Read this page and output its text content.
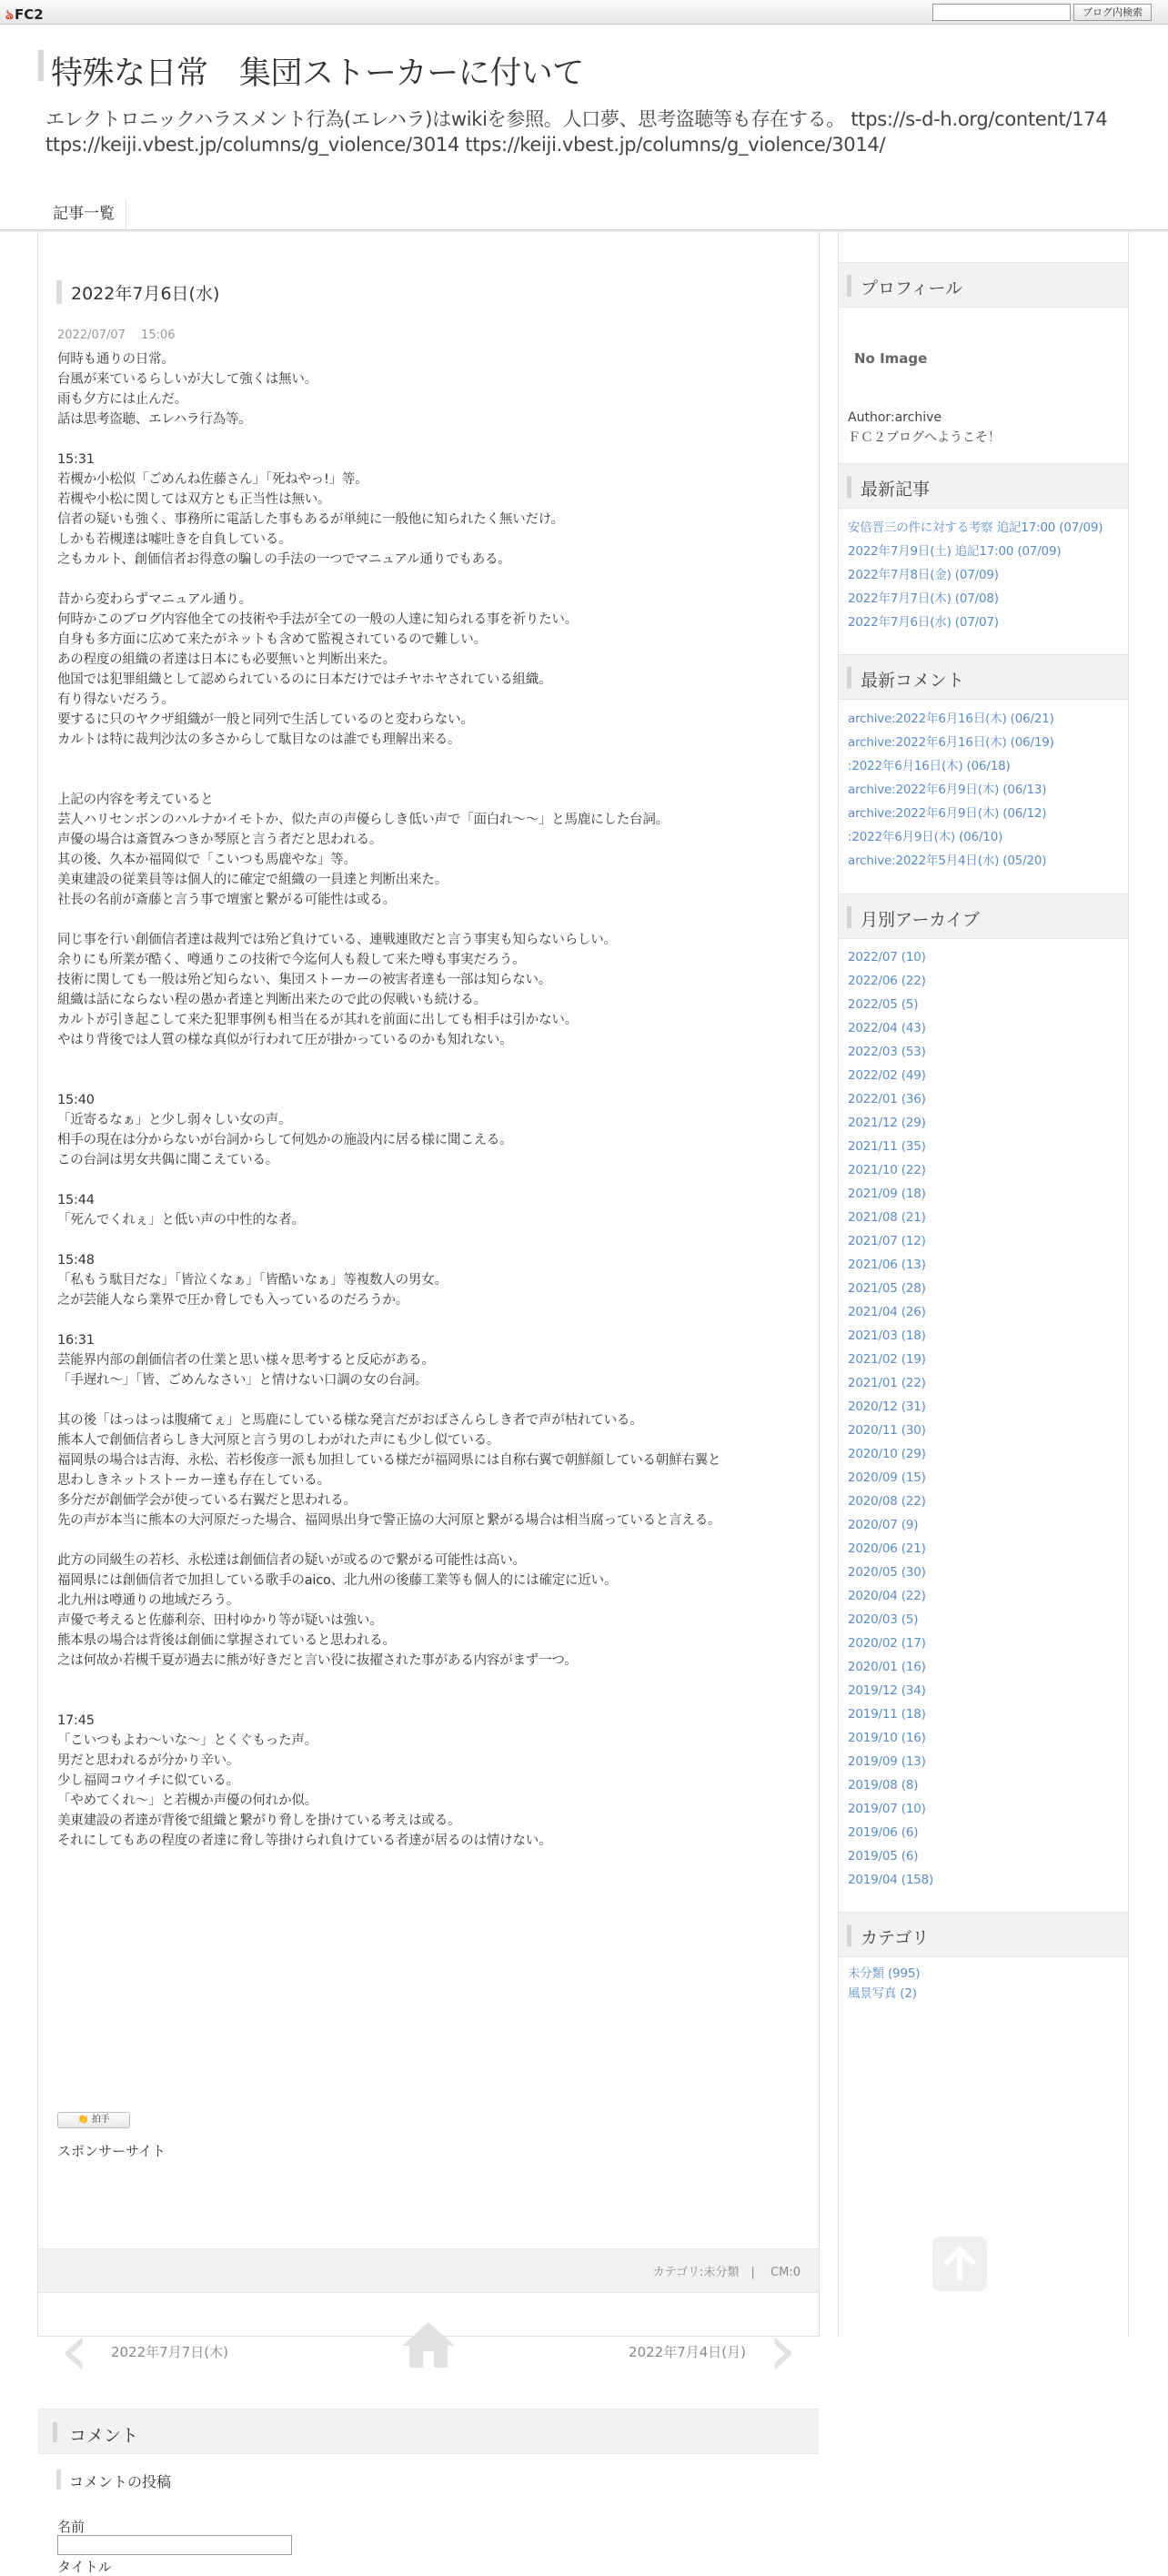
ঌFC2	ブログ内検索
特殊な日常　集団ストーカーに付いて
エレクトロニックハラスメント行為(エレハラ)はwikiを参照。人口夢、思考盗聴等も存在する。 ttps://s-d-h.org/content/174
ttps://keiji.vbest.jp/columns/g_violence/3014 ttps://keiji.vbest.jp/columns/g_violence/3014/
記事一覧
2022年7月6日(水)
2022/07/07　 15:06
何時も通りの日常。
台風が来ているらしいが大して強くは無い。
雨も夕方には止んだ。
話は思考盗聴、エレハラ行為等。
15:31
若槻か小松似「ごめんね佐藤さん」「死ねやっ!」等。
若槻や小松に関しては双方とも正当性は無い。
信者の疑いも強く、事務所に電話した事もあるが単純に一般他に知られたく無いだけ。
しかも若槻達は嘘吐きを自負している。
之もカルト、創価信者お得意の騙しの手法の一つでマニュアル通りでもある。
昔から変わらずマニュアル通り。
何時かこのブログ内容他全ての技術や手法が全ての一般の人達に知られる事を祈りたい。
自身も多方面に広めて来たがネットも含めて監視されているので難しい。
あの程度の組織の者達は日本にも必要無いと判断出来た。
他国では犯罪組織として認められているのに日本だけではチヤホヤされている組織。
有り得ないだろう。
要するに只のヤクザ組織が一般と同列で生活しているのと変わらない。
カルトは特に裁判沙汰の多さからして駄目なのは誰でも理解出来る。
上記の内容を考えていると
芸人ハリセンボンのハルナかイモトか、似た声の声優らしき低い声で「面白れ～～」と馬鹿にした台詞。
声優の場合は斎賀みつきか琴原と言う者だと思われる。
其の後、久本か福岡似で「こいつも馬鹿やな」等。
美東建設の従業員等は個人的に確定で組織の一員達と判断出来た。
社長の名前が斎藤と言う事で壇蜜と繋がる可能性は或る。
同じ事を行い創価信者達は裁判では殆ど負けている、連戦連敗だと言う事実も知らないらしい。
余りにも所業が酷く、噂通りこの技術で今迄何人も殺して来た噂も事実だろう。
技術に関しても一般は殆ど知らない、集団ストーカーの被害者達も一部は知らない。
組織は話にならない程の愚か者達と判断出来たので此の侭戦いも続ける。
カルトが引き起こして来た犯罪事例も相当在るが其れを前面に出しても相手は引かない。
やはり背後では人質の様な真似が行われて圧が掛かっているのかも知れない。
15:40
「近寄るなぁ」と少し弱々しい女の声。
相手の現在は分からないが台詞からして何処かの施設内に居る様に聞こえる。
この台詞は男女共偶に聞こえている。
15:44
「死んでくれぇ」と低い声の中性的な者。
15:48
「私もう駄目だな」「皆泣くなぁ」「皆酷いなぁ」等複数人の男女。
之が芸能人なら業界で圧か脅しでも入っているのだろうか。
16:31
芸能界内部の創価信者の仕業と思い様々思考すると反応がある。
「手遅れ～」「皆、ごめんなさい」と情けない口調の女の台詞。
其の後「はっはっは腹痛てぇ」と馬鹿にしている様な発言だがおばさんらしき者で声が枯れている。
熊本人で創価信者らしき大河原と言う男のしわがれた声にも少し似ている。
福岡県の場合は吉海、永松、若杉俊彦一派も加担している様だが福岡県には自称右翼で朝鮮顔している朝鮮右翼と
思わしきネットストーカー達も存在している。
多分だが創価学会が使っている右翼だと思われる。
先の声が本当に熊本の大河原だった場合、福岡県出身で警正協の大河原と繋がる場合は相当腐っていると言える。
此方の同級生の若杉、永松達は創価信者の疑いが或るので繋がる可能性は高い。
福岡県には創価信者で加担している歌手のaico、北九州の後藤工業等も個人的には確定に近い。
北九州は噂通りの地域だろう。
声優で考えると佐藤利奈、田村ゆかり等が疑いは強い。
熊本県の場合は背後は創価に掌握されていると思われる。
之は何故か若槻千夏が過去に熊が好きだと言い役に抜擢された事がある内容がまず一つ。
17:45
「こいつもよわ～いな～」とくぐもった声。
男だと思われるが分かり辛い。
少し福岡コウイチに似ている。
「やめてくれ～」と若槻か声優の何れか似。
美東建設の者達が背後で組織と繋がり脅しを掛けている考えは或る。
それにしてもあの程度の者達に脅し等掛けられ負けている者達が居るのは情けない。
👏 拍手
スポンサーサイト
カテゴリ:未分類　|　 CM:0
‹ 2022年7月7日(木)	2022年7月4日(月) ›
コメント
コメントの投稿
名前
タイトル
プロフィール
No Image
Author:archive
ＦＣ２ブログへようこそ！
最新記事
安倍晋三の件に対する考察 追記17:00 (07/09)
2022年7月9日(土) 追記17:00 (07/09)
2022年7月8日(金) (07/09)
2022年7月7日(木) (07/08)
2022年7月6日(水) (07/07)
最新コメント
archive:2022年6月16日(木) (06/21)
archive:2022年6月16日(木) (06/19)
:2022年6月16日(木) (06/18)
archive:2022年6月9日(木) (06/13)
archive:2022年6月9日(木) (06/12)
:2022年6月9日(木) (06/10)
archive:2022年5月4日(水) (05/20)
月別アーカイブ
2022/07 (10)
2022/06 (22)
2022/05 (5)
2022/04 (43)
2022/03 (53)
2022/02 (49)
2022/01 (36)
2021/12 (29)
2021/11 (35)
2021/10 (22)
2021/09 (18)
2021/08 (21)
2021/07 (12)
2021/06 (13)
2021/05 (28)
2021/04 (26)
2021/03 (18)
2021/02 (19)
2021/01 (22)
2020/12 (31)
2020/11 (30)
2020/10 (29)
2020/09 (15)
2020/08 (22)
2020/07 (9)
2020/06 (21)
2020/05 (30)
2020/04 (22)
2020/03 (5)
2020/02 (17)
2020/01 (16)
2019/12 (34)
2019/11 (18)
2019/10 (16)
2019/09 (13)
2019/08 (8)
2019/07 (10)
2019/06 (6)
2019/05 (6)
2019/04 (158)
カテゴリ
未分類 (995)
風景写真 (2)
